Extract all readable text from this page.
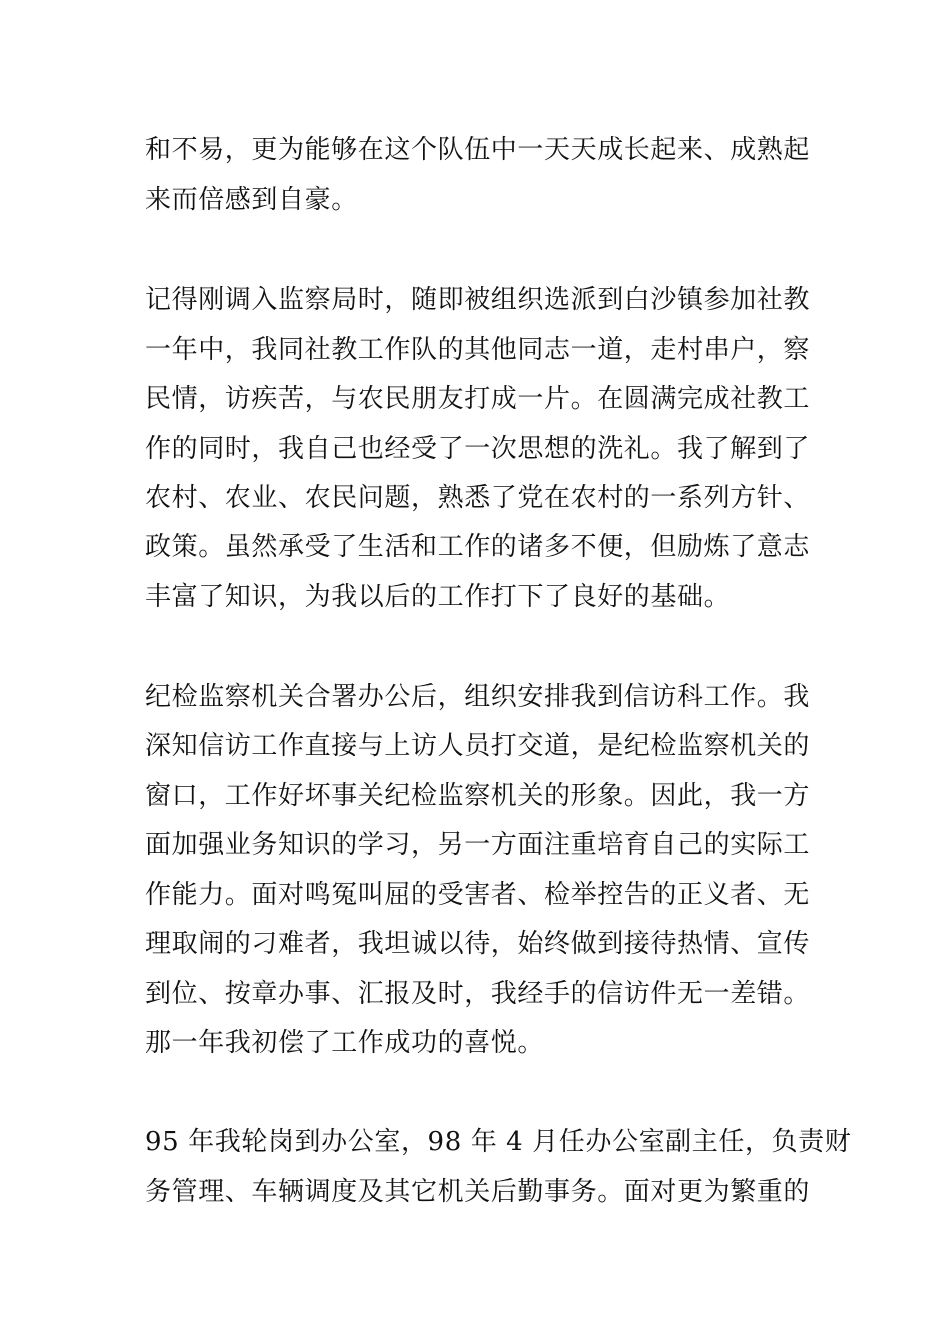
和不易，更为能够在这个队伍中一天天成长起来、成熟起
来而倍感到自豪。
记得刚调入监察局时，随即被组织选派到白沙镇参加社教
一年中，我同社教工作队的其他同志一道，走村串户，察
民情，访疾苦，与农民朋友打成一片。在圆满完成社教工
作的同时，我自己也经受了一次思想的洗礼。我了解到了
农村、农业、农民问题，熟悉了党在农村的一系列方针、
政策。虽然承受了生活和工作的诸多不便，但励炼了意志
丰富了知识，为我以后的工作打下了良好的基础。
纪检监察机关合署办公后，组织安排我到信访科工作。我
深知信访工作直接与上访人员打交道，是纪检监察机关的
窗口，工作好坏事关纪检监察机关的形象。因此，我一方
面加强业务知识的学习，另一方面注重培育自己的实际工
作能力。面对鸣冤叫屈的受害者、检举控告的正义者、无
理取闹的刁难者，我坦诚以待，始终做到接待热情、宣传
到位、按章办事、汇报及时，我经手的信访件无一差错。
那一年我初偿了工作成功的喜悦。
95 年我轮岗到办公室，98 年 4 月任办公室副主任，负责财
务管理、车辆调度及其它机关后勤事务。面对更为繁重的
